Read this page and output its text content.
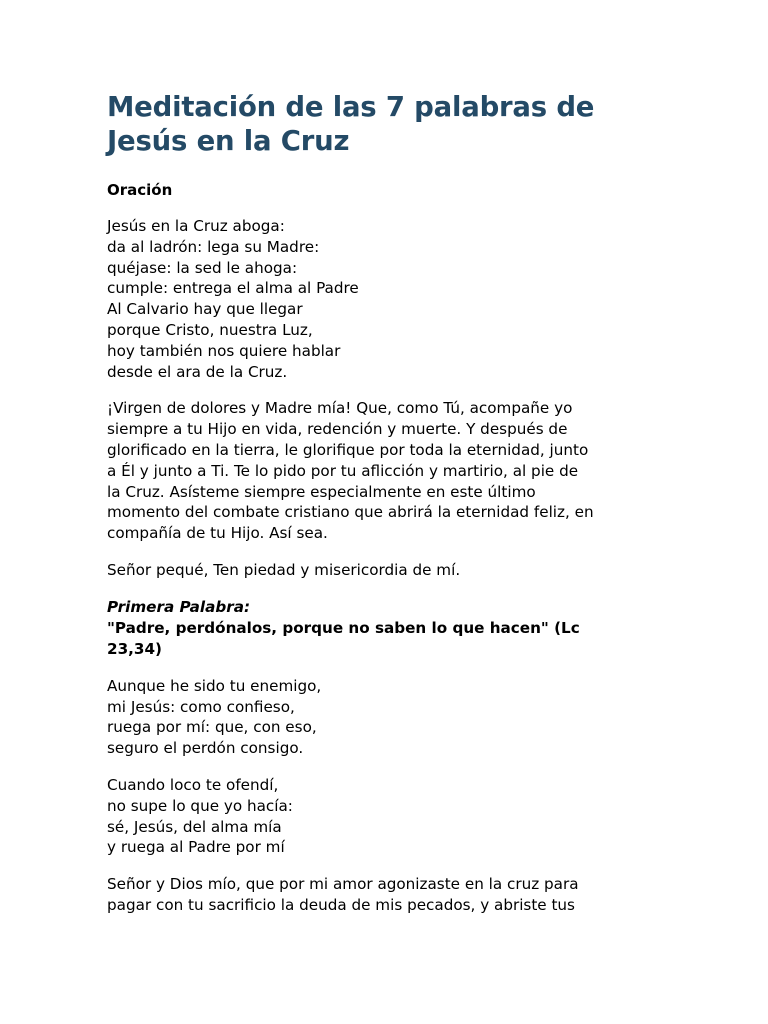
Meditación de las 7 palabras de
Jesús en la Cruz
Oración
Jesús en la Cruz aboga:
da al ladrón: lega su Madre:
quéjase: la sed le ahoga:
cumple: entrega el alma al Padre
Al Calvario hay que llegar
porque Cristo, nuestra Luz,
hoy también nos quiere hablar
desde el ara de la Cruz.
¡Virgen de dolores y Madre mía! Que, como Tú, acompañe yo
siempre a tu Hijo en vida, redención y muerte. Y después de
glorificado en la tierra, le glorifique por toda la eternidad, junto
a Él y junto a Ti. Te lo pido por tu aflicción y martirio, al pie de
la Cruz. Asísteme siempre especialmente en este último
momento del combate cristiano que abrirá la eternidad feliz, en
compañía de tu Hijo. Así sea.
Señor pequé, Ten piedad y misericordia de mí.
Primera Palabra:
"Padre, perdónalos, porque no saben lo que hacen" (Lc
23,34)
Aunque he sido tu enemigo,
mi Jesús: como confieso,
ruega por mí: que, con eso,
seguro el perdón consigo.
Cuando loco te ofendí,
no supe lo que yo hacía:
sé, Jesús, del alma mía
y ruega al Padre por mí
Señor y Dios mío, que por mi amor agonizaste en la cruz para
pagar con tu sacrificio la deuda de mis pecados, y abriste tus
